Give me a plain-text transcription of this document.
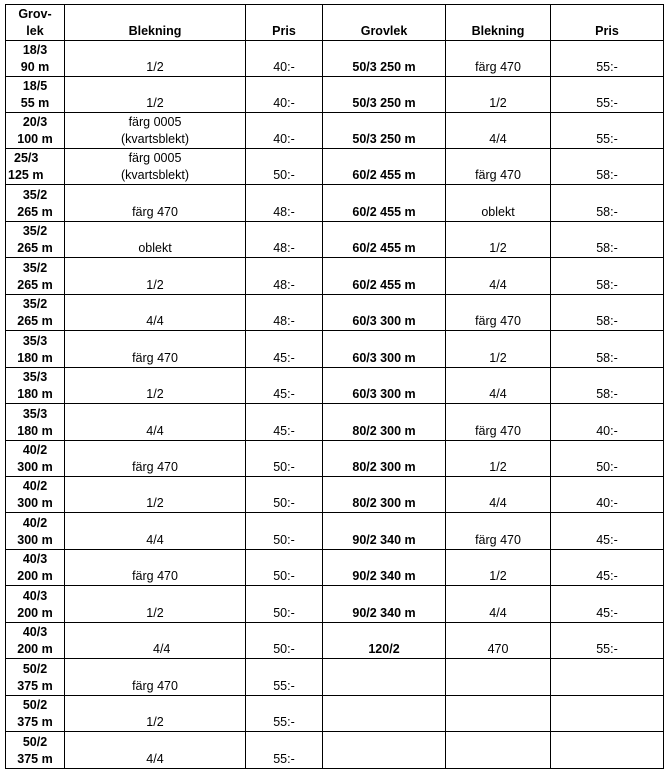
Grov-
lek	Blekning	Pris	Grovlek	Blekning	Pris

18/3
90 m	1/2	40:-	50/3 250 m	färg 470	55:-

18/5
55 m	1/2	40:-	50/3 250 m	1/2	55:-

20/3
100 m	färg 0005
(kvartsblekt)	40:-	50/3 250 m	4/4	55:-

25/3
125 m	färg 0005
(kvartsblekt)	50:-	60/2 455 m	färg 470	58:-

35/2
265 m	färg 470	48:-	60/2 455 m	oblekt	58:-

35/2
265 m	oblekt	48:-	60/2 455 m	1/2	58:-

35/2
265 m	1/2	48:-	60/2 455 m	4/4	58:-

35/2
265 m	4/4	48:-	60/3 300 m	färg 470	58:-

35/3
180 m	färg 470	45:-	60/3 300 m	1/2	58:-

35/3
180 m	1/2	45:-	60/3 300 m	4/4	58:-

35/3
180 m	4/4	45:-	80/2 300 m	färg 470	40:-

40/2
300 m	färg 470	50:-	80/2 300 m	1/2	50:-

40/2
300 m	1/2	50:-	80/2 300 m	4/4	40:-

40/2
300 m	4/4	50:-	90/2 340 m	färg 470	45:-

40/3
200 m	färg 470	50:-	90/2 340 m	1/2	45:-

40/3
200 m	1/2	50:-	90/2 340 m	4/4	45:-

40/3
200 m	4/4	50:-	120/2	470	55:-

50/2
375 m	färg 470	55:-			

50/2
375 m	1/2	55:-			

50/2
375 m	4/4	55:-			
